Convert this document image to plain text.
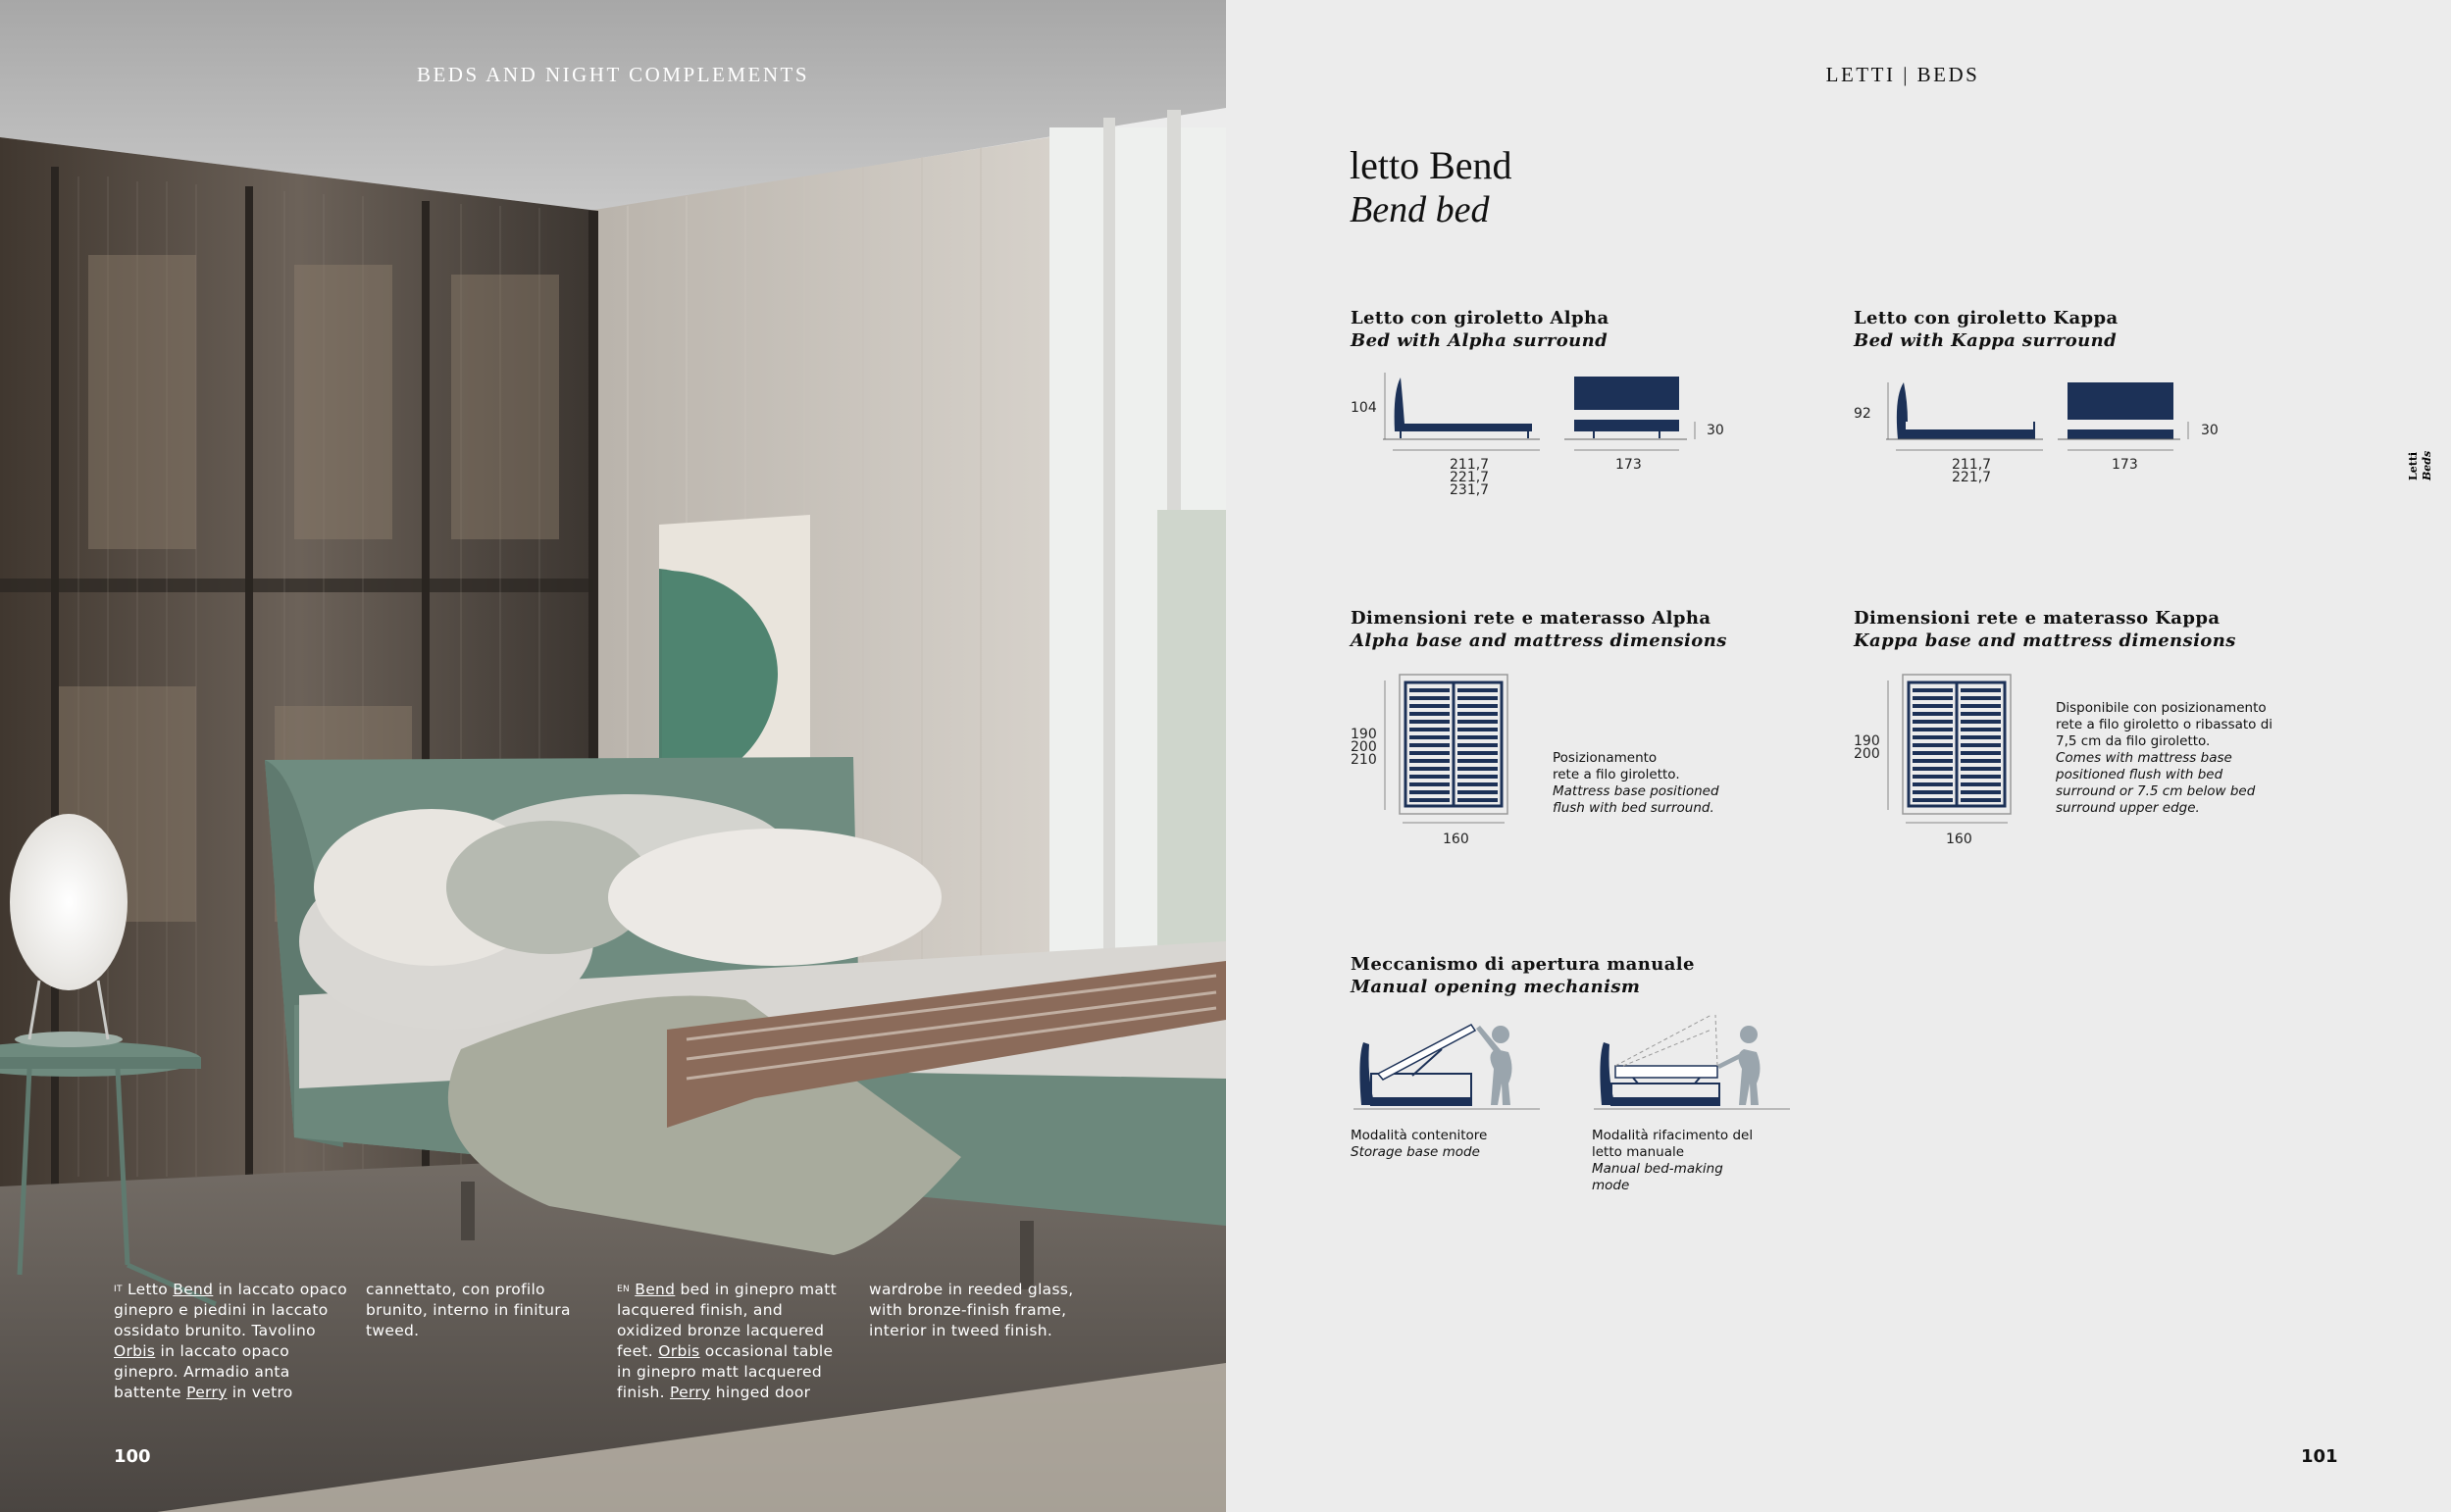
BEDS AND NIGHT COMPLEMENTS
$^{IT}$ Letto Bend in laccato opaco ginepro e piedini in laccato ossidato brunito. Tavolino Orbis in laccato opaco ginepro. Armadio anta battente Perry in vetro
cannettato, con profilo brunito, interno in finitura tweed.
$^{EN}$ Bend bed in ginepro matt lacquered finish, and oxidized bronze lacquered feet. Orbis occasional table in ginepro matt lacquered finish. Perry hinged door
wardrobe in reeded glass, with bronze-finish frame, interior in tweed finish.
100
LETTI | BEDS
letto Bend
Bend bed
Letti Beds
Letto con giroletto Alpha
Bed with Alpha surround
104
211,7
221,7
231,7
173
30
Letto con giroletto Kappa
Bed with Kappa surround
92
211,7
221,7
173
30
Dimensioni rete e materasso Alpha
Alpha base and mattress dimensions
190
200
210
160
Posizionamento
rete a filo giroletto.
Mattress base positioned
flush with bed surround.
Dimensioni rete e materasso Kappa
Kappa base and mattress dimensions
190
200
160
Disponibile con posizionamento
rete a filo giroletto o ribassato di
7,5 cm da filo giroletto.
Comes with mattress base
positioned flush with bed
surround or 7.5 cm below bed
surround upper edge.
Meccanismo di apertura manuale
Manual opening mechanism
Modalità contenitore
Storage base mode
Modalità rifacimento del
letto manuale
Manual bed-making
mode
101
